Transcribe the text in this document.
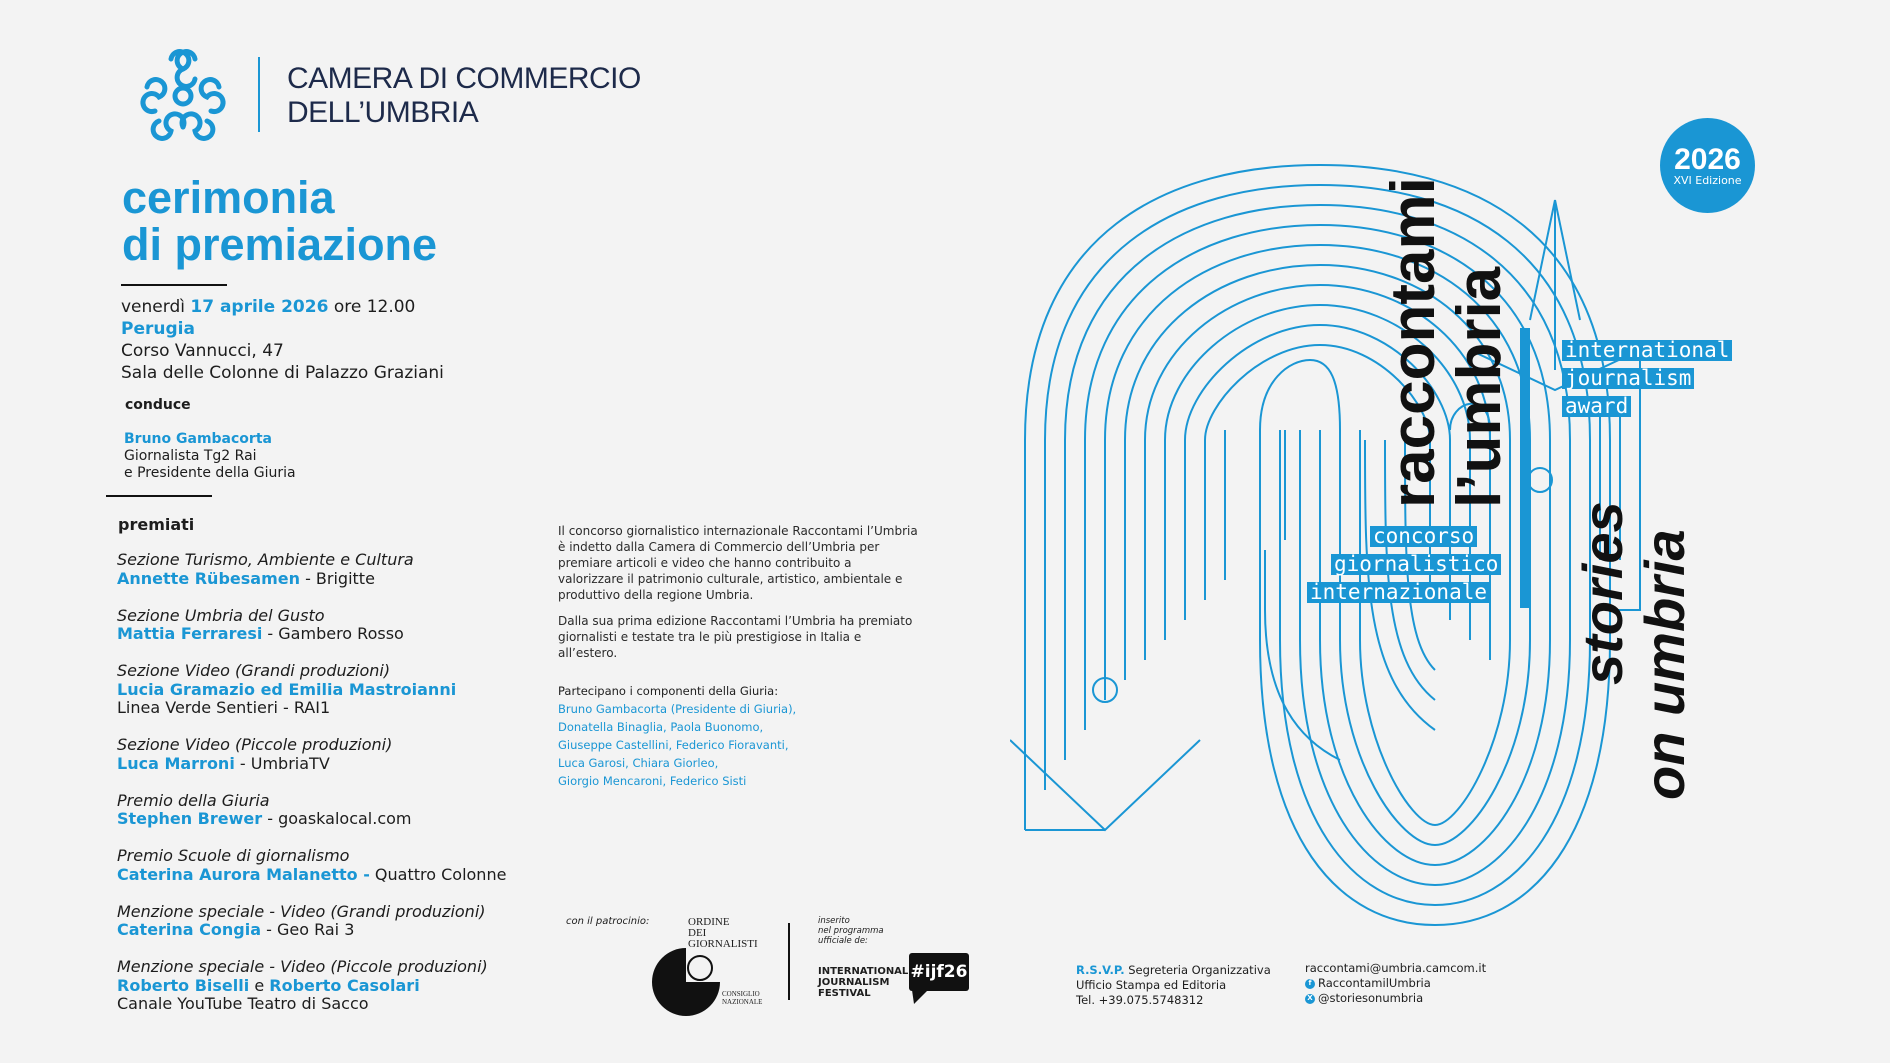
CAMERA DI COMMERCIO
DELL’UMBRIA
cerimonia
di premiazione
venerdì 17 aprile 2026 ore 12.00
Perugia
Corso Vannucci, 47
Sala delle Colonne di Palazzo Graziani
conduce
Bruno Gambacorta
Giornalista Tg2 Rai
e Presidente della Giuria
premiati
Sezione Turismo, Ambiente e Cultura
Annette Rübesamen - Brigitte
Sezione Umbria del Gusto
Mattia Ferraresi - Gambero Rosso
Sezione Video (Grandi produzioni)
Lucia Gramazio ed Emilia Mastroianni
Linea Verde Sentieri - RAI1
Sezione Video (Piccole produzioni)
Luca Marroni - UmbriaTV
Premio della Giuria
Stephen Brewer - goaskalocal.com
Premio Scuole di giornalismo
Caterina Aurora Malanetto - Quattro Colonne
Menzione speciale - Video (Grandi produzioni)
Caterina Congia - Geo Rai 3
Menzione speciale - Video (Piccole produzioni)
Roberto Biselli e Roberto Casolari
Canale YouTube Teatro di Sacco

Il concorso giornalistico internazionale Raccontami l’Umbria è indetto dalla Camera di Commercio dell’Umbria per premiare articoli e video che hanno contribuito a valorizzare il patrimonio culturale, artistico, ambientale e produttivo della regione Umbria.

Dalla sua prima edizione Raccontami l’Umbria ha premiato giornalisti e testate tra le più prestigiose in Italia e all’estero.

Partecipano i componenti della Giuria:
Bruno Gambacorta (Presidente di Giuria),
Donatella Binaglia, Paola Buonomo,
Giuseppe Castellini, Federico Fioravanti,
Luca Garosi, Chiara Giorleo,
Giorgio Mencaroni, Federico Sisti
con il patrocinio:	ORDINE
DEI
GIORNALISTI
CONSIGLIO
NAZIONALE
inserito
nel programma
ufficiale de:
INTERNATIONAL
JOURNALISM
FESTIVAL
#ijf26	R.S.V.P. Segreteria Organizzativa
Ufficio Stampa ed Editoria
Tel. +39.075.5748312
raccontami@umbria.camcom.it
f RaccontamilUmbria
X @storiesonumbria
raccontami
l’umbria
concorso
giornalistico
internazionale
international
journalism
award
stories on umbria
2026
XVI Edizione
